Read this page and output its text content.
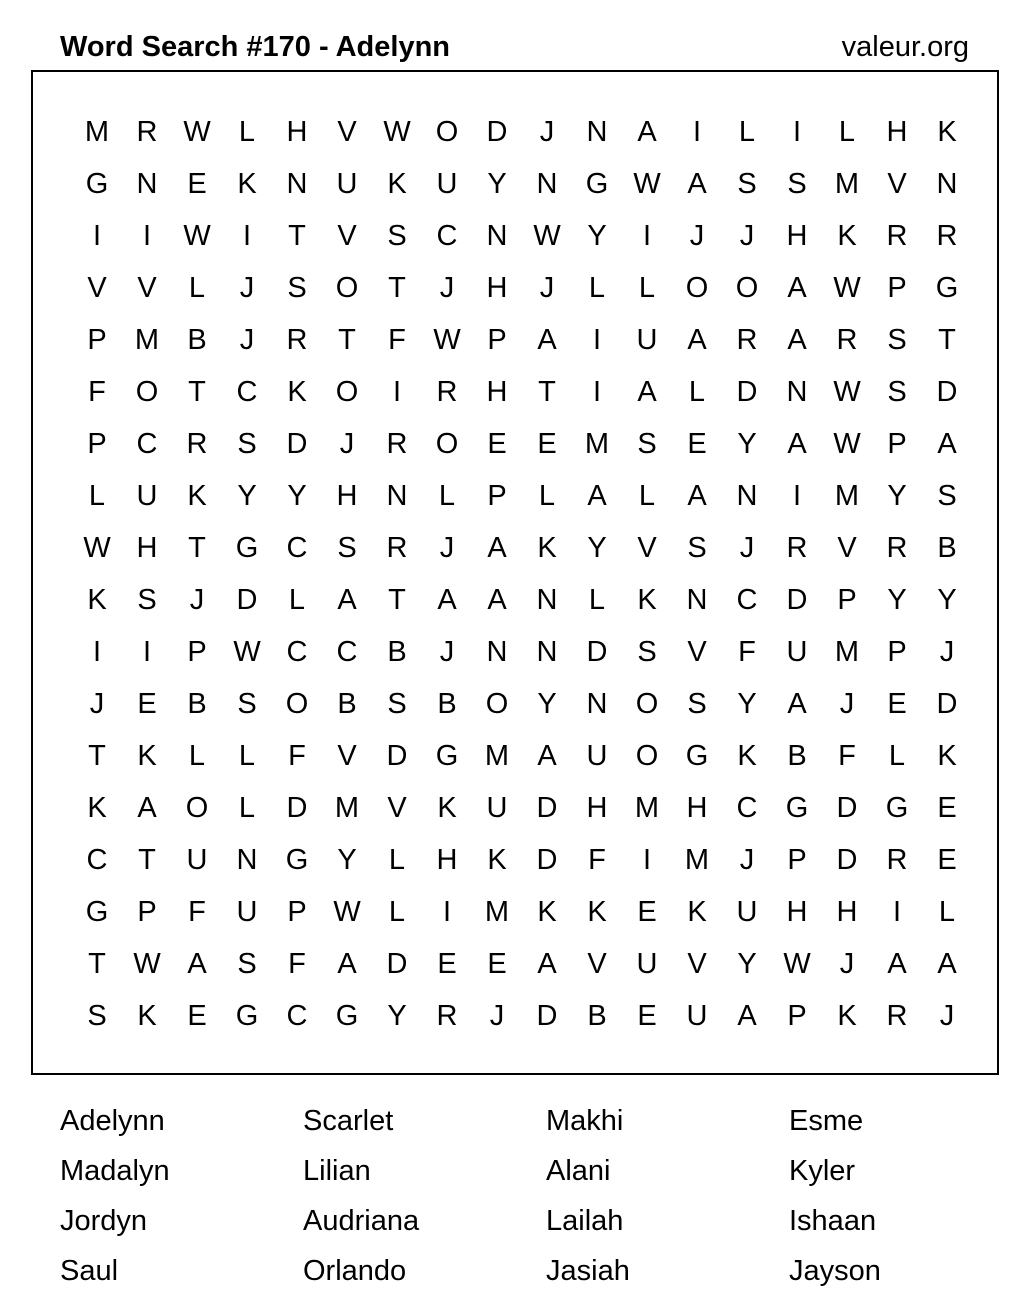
Word Search #170 - Adelynn	valeur.org
M R W L	H	V W O D	J	N	A	I	L	I	L	H	K
G N	E	K	N	U	K	U	Y	N G W A	S	S M V	N
I	I	W	I	T	V	S	C	N W Y	I	J	J	H	K	R	R
V	V	L	J	S	O	T	J	H	J	L	L	O O	A W P	G
P M B	J	R	T	F W P	A	I	U	A	R	A	R	S	T
F	O	T	C	K	O	I	R	H	T	I	A	L	D	N W S	D
P	C	R	S	D	J	R O	E	E M S	E	Y	A W P	A
L	U	K	Y	Y	H	N	L	P	L	A	L	A	N	I	M Y	S
W H	T	G C	S	R	J	A	K	Y	V	S	J	R	V	R	B
K	S	J	D	L	A	T	A	A	N	L	K	N	C	D	P	Y	Y
I	I	P W C	C	B	J	N	N	D	S	V	F	U M P	J
J	E	B	S	O	B	S	B	O	Y	N O	S	Y	A	J	E	D
T	K	L	L	F	V	D G M A	U O G	K	B	F	L	K
K	A	O	L	D M V	K	U	D	H M H	C G D G	E
C	T	U	N G	Y	L	H	K	D	F	I	M	J	P	D	R	E
G	P	F	U	P W L	I	M K	K	E	K	U	H	H	I	L
T W A	S	F	A	D	E	E	A	V	U	V	Y W	J	A	A
S	K	E	G C G	Y	R	J	D	B	E	U	A	P	K	R	J
Adelynn	Scarlet	Makhi	Esme
Madalyn	Lilian	Alani	Kyler
Jordyn	Audriana	Lailah	Ishaan
Saul	Orlando	Jasiah	Jayson
